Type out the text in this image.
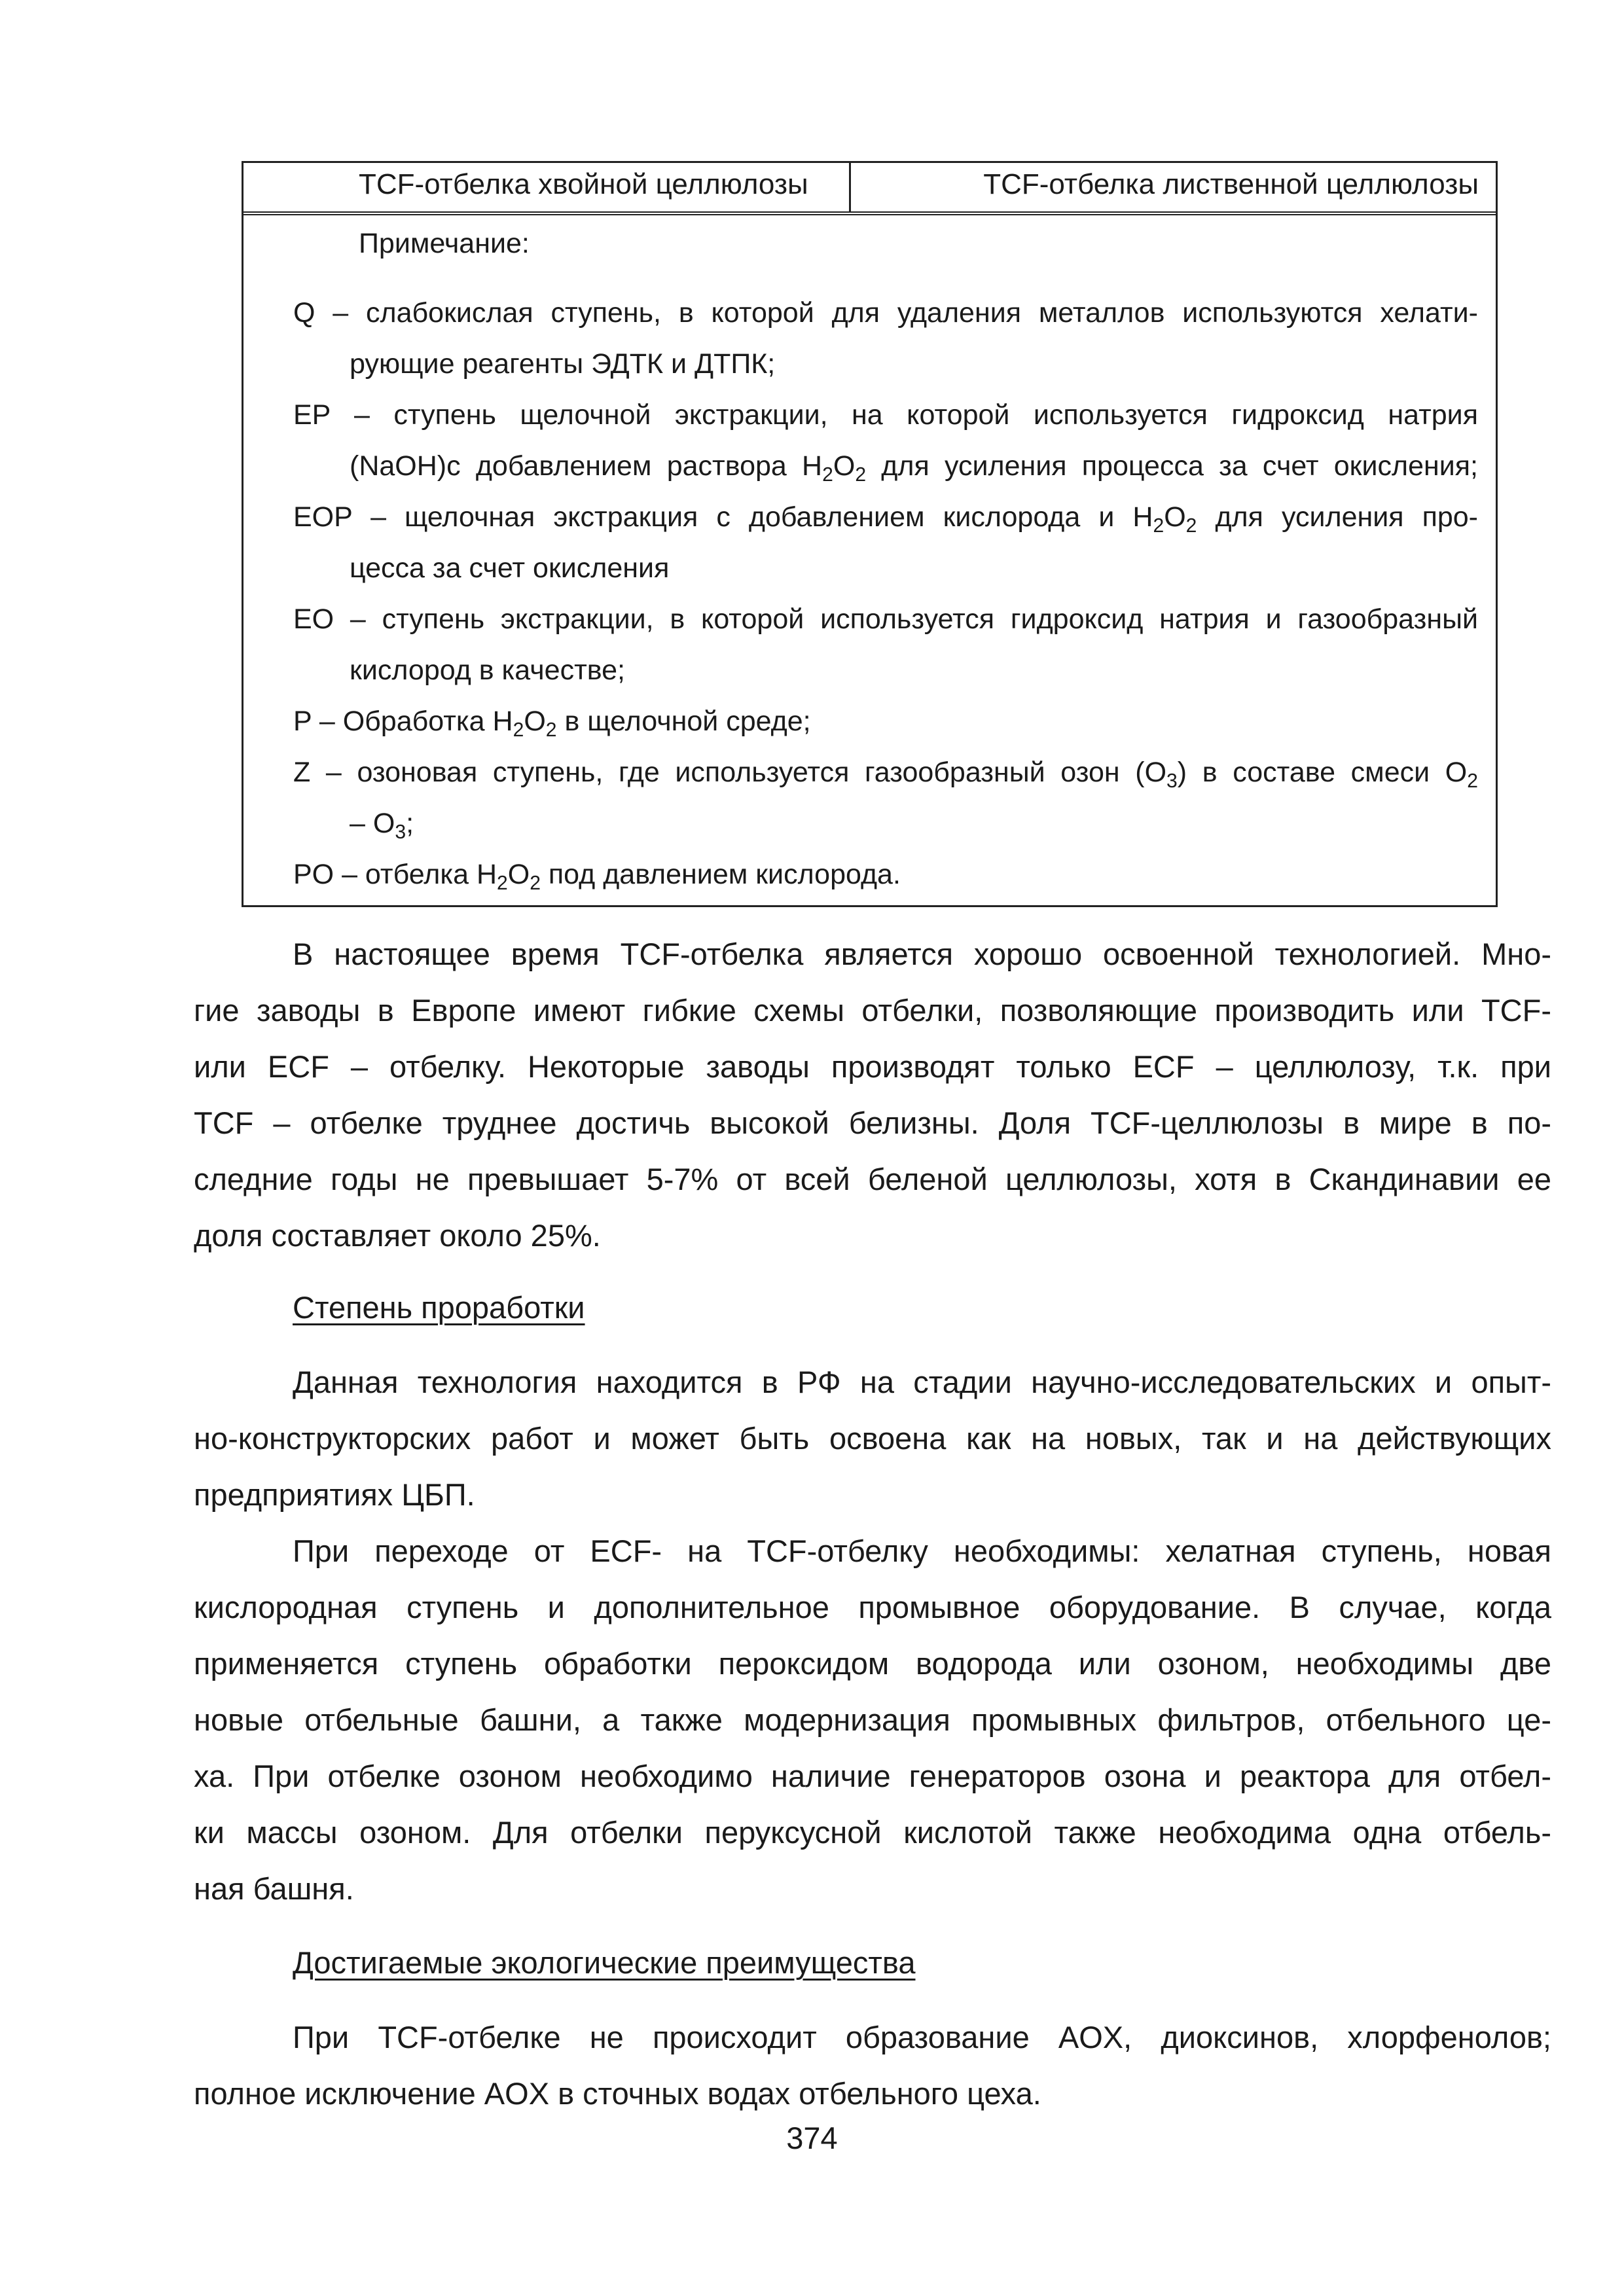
TCF-отбелка хвойной целлюлозы	TCF-отбелка лиственной целлюлозы
Примечание:
Q – слабокислая ступень, в которой для удаления металлов используются хелати-
рующие реагенты ЭДТК и ДТПК;
EP – ступень щелочной экстракции, на которой используется гидроксид натрия
(NaOH)с добавлением раствора $H_2O_2$ для усиления процесса за счет окисления;
EOP – щелочная экстракция с добавлением кислорода и $H_2O_2$ для усиления про-
цесса за счет окисления
EO – ступень экстракции, в которой используется гидроксид натрия и газообразный
кислород в качестве;
P – Обработка $H_2O_2$ в щелочной среде;
Z – озоновая ступень, где используется газообразный озон $(O_3)$ в составе смеси $O_2$
– $O_3$;
PO – отбелка $H_2O_2$ под давлением кислорода.
В настоящее время TCF-отбелка является хорошо освоенной технологией. Мно-
гие заводы в Европе имеют гибкие схемы отбелки, позволяющие производить или TCF-
или ECF – отбелку. Некоторые заводы производят только ECF – целлюлозу, т.к. при
TCF – отбелке труднее достичь высокой белизны. Доля TCF-целлюлозы в мире в по-
следние годы не превышает 5-7% от всей беленой целлюлозы, хотя в Скандинавии ее
доля составляет около 25%.
Степень проработки
Данная технология находится в РФ на стадии научно-исследовательских и опыт-
но-конструкторских работ и может быть освоена как на новых, так и на действующих
предприятиях ЦБП.
При переходе от ECF- на TCF-отбелку необходимы: хелатная ступень, новая
кислородная ступень и дополнительное промывное оборудование. В случае, когда
применяется ступень обработки пероксидом водорода или озоном, необходимы две
новые отбельные башни, а также модернизация промывных фильтров, отбельного це-
ха. При отбелке озоном необходимо наличие генераторов озона и реактора для отбел-
ки массы озоном. Для отбелки перуксусной кислотой также необходима одна отбель-
ная башня.
Достигаемые экологические преимущества
При TCF-отбелке не происходит образование AOX, диоксинов, хлорфенолов;
полное исключение AOX в сточных водах отбельного цеха.
374
